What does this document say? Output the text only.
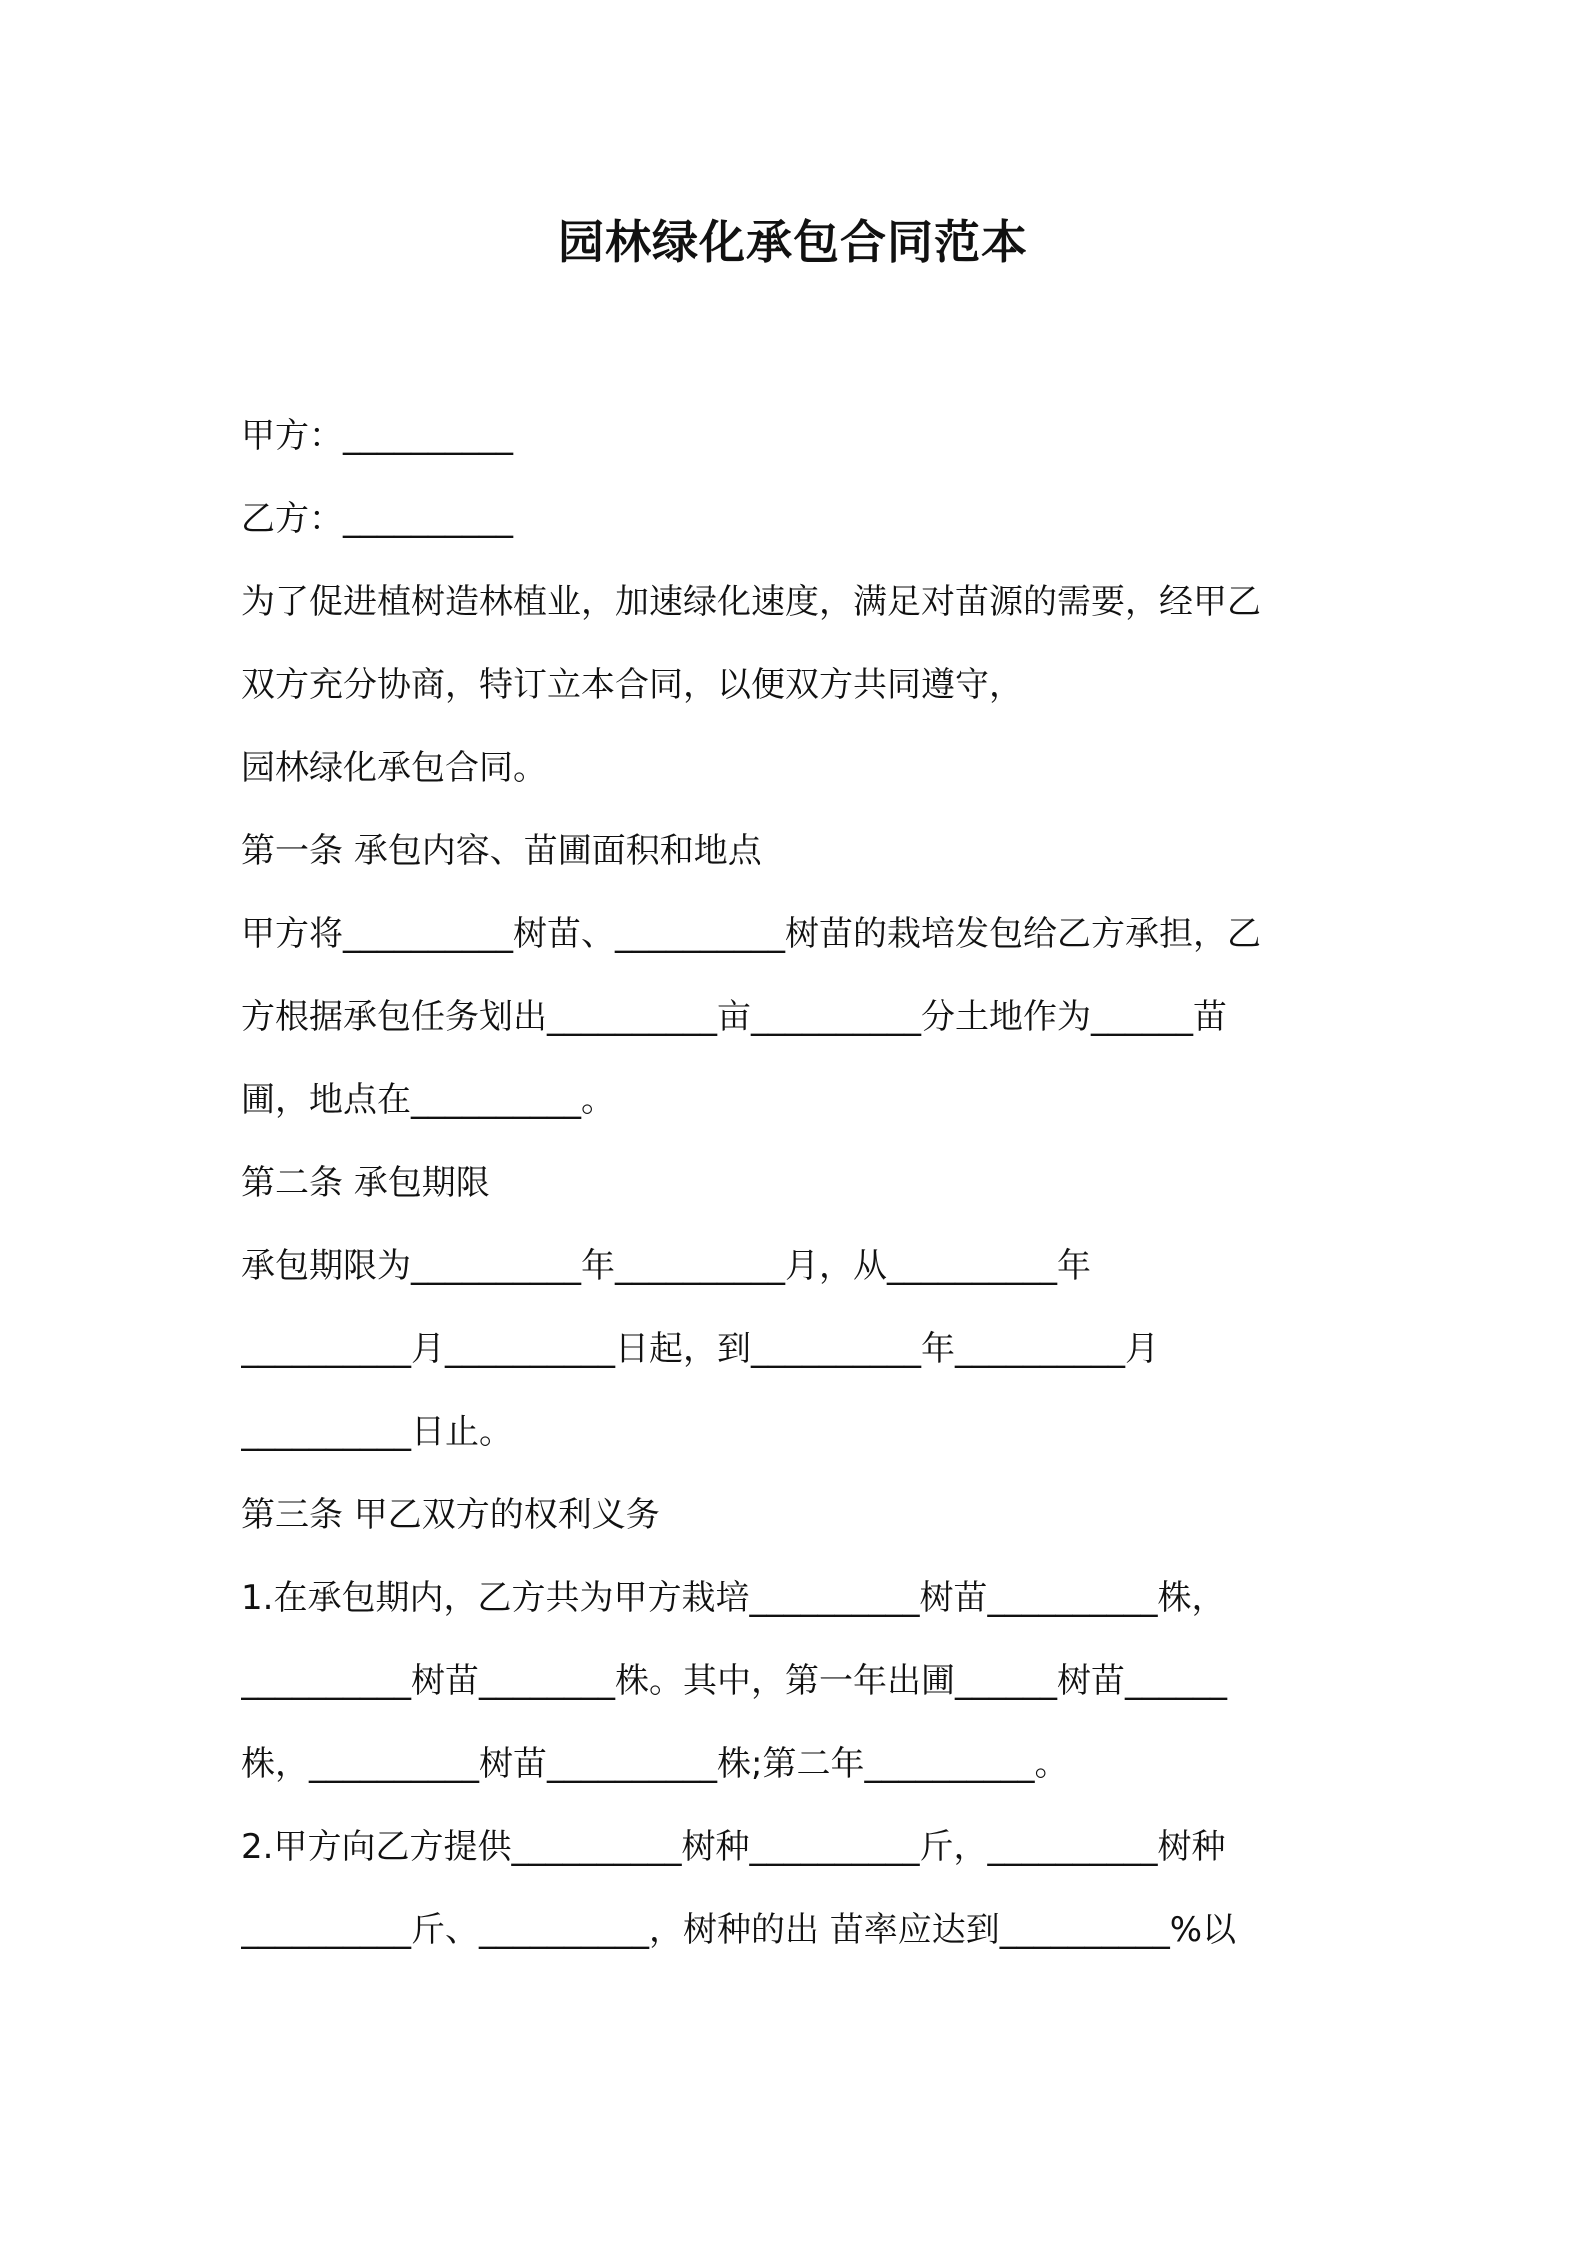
园林绿化承包合同范本
甲方：__________
乙方：__________
为了促进植树造林植业，加速绿化速度，满足对苗源的需要，经甲乙
双方充分协商，特订立本合同，以便双方共同遵守，
园林绿化承包合同。
第一条 承包内容、苗圃面积和地点
甲方将__________树苗、__________树苗的栽培发包给乙方承担，乙
方根据承包任务划出__________亩__________分土地作为______苗
圃，地点在__________。
第二条 承包期限
承包期限为__________年__________月，从__________年
__________月__________日起，到__________年__________月
__________日止。
第三条 甲乙双方的权利义务
1.在承包期内，乙方共为甲方栽培__________树苗__________株，
__________树苗________株。其中，第一年出圃______树苗______
株，__________树苗__________株;第二年__________。
2.甲方向乙方提供__________树种__________斤，__________树种
__________斤、__________，树种的出 苗率应达到__________%以
